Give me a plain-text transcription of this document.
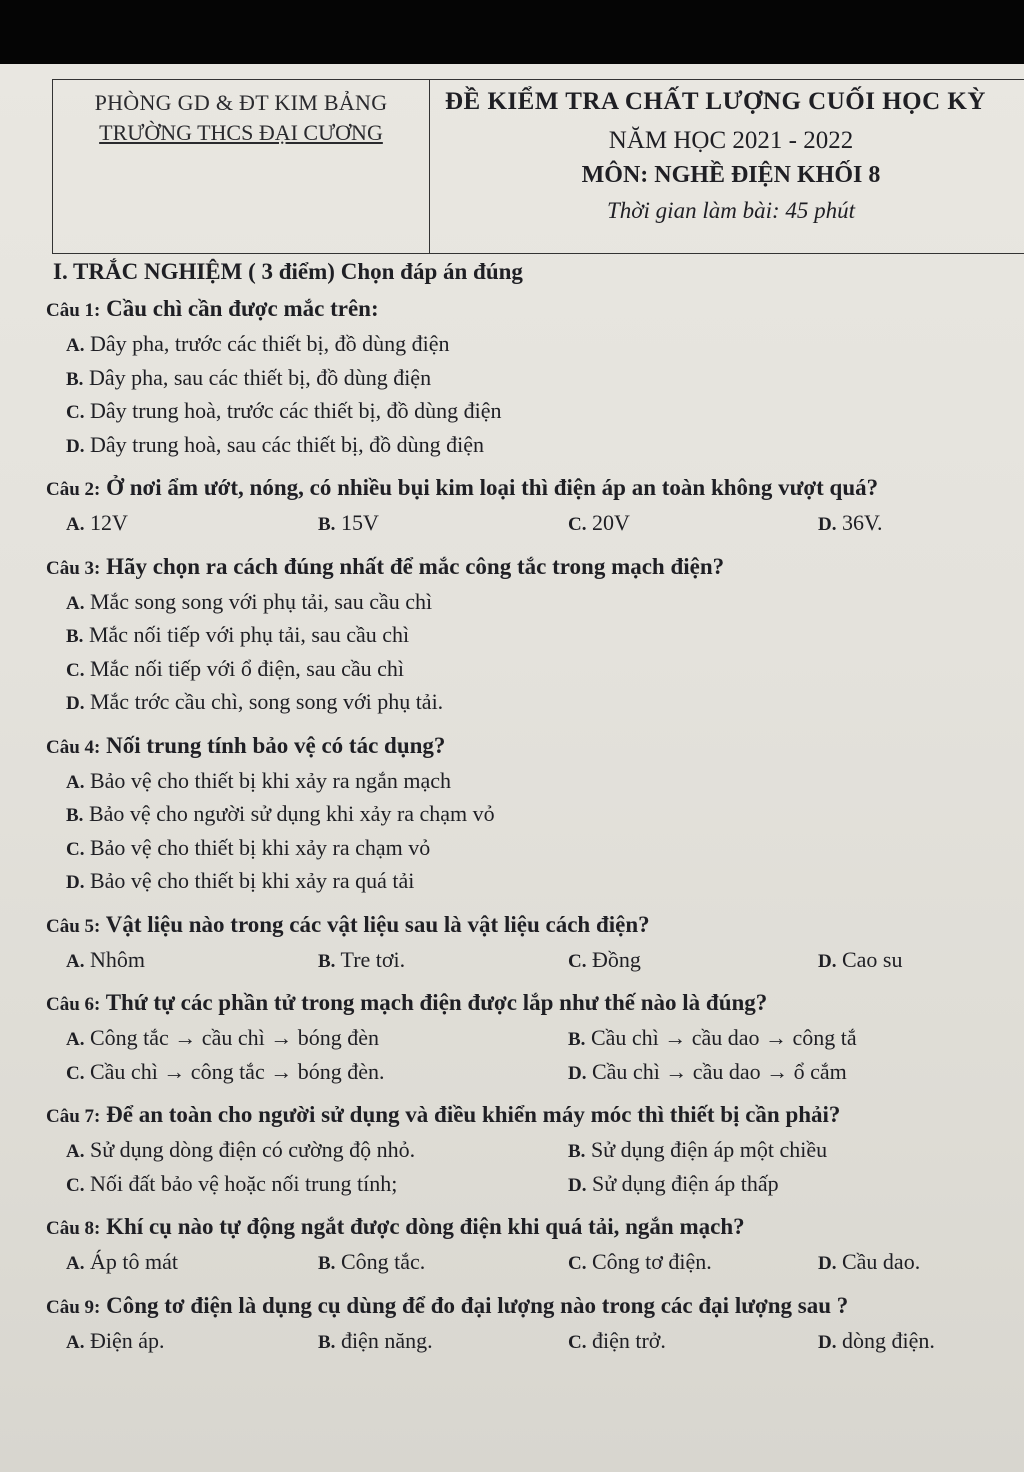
PHÒNG GD & ĐT KIM BẢNG
TRƯỜNG THCS ĐẠI CƯƠNG
ĐỀ KIỂM TRA CHẤT LƯỢNG CUỐI HỌC KỲ
NĂM HỌC 2021 - 2022
MÔN: NGHỀ ĐIỆN KHỐI 8
Thời gian làm bài: 45 phút
I. TRẮC NGHIỆM ( 3 điểm) Chọn đáp án đúng
Câu 1: Cầu chì cần được mắc trên:
A. Dây pha, trước các thiết bị, đồ dùng điện
B. Dây pha, sau các thiết bị, đồ dùng điện
C. Dây trung hoà, trước các thiết bị, đồ dùng điện
D. Dây trung hoà, sau các thiết bị, đồ dùng điện
Câu 2: Ở nơi ẩm ướt, nóng, có nhiều bụi kim loại thì điện áp an toàn không vượt quá?
A. 12V	B. 15V	C. 20V	D. 36V.
Câu 3: Hãy chọn ra cách đúng nhất để mắc công tắc trong mạch điện?
A. Mắc song song với phụ tải, sau cầu chì
B. Mắc nối tiếp với phụ tải, sau cầu chì
C. Mắc nối tiếp với ổ điện, sau cầu chì
D. Mắc trớc cầu chì, song song với phụ tải.
Câu 4: Nối trung tính bảo vệ có tác dụng?
A. Bảo vệ cho thiết bị khi xảy ra ngắn mạch
B. Bảo vệ cho người sử dụng khi xảy ra chạm vỏ
C. Bảo vệ cho thiết bị khi xảy ra chạm vỏ
D. Bảo vệ cho thiết bị khi xảy ra quá tải
Câu 5: Vật liệu nào trong các vật liệu sau là vật liệu cách điện?
A. Nhôm	B. Tre tơi.	C. Đồng	D. Cao su
Câu 6: Thứ tự các phần tử trong mạch điện được lắp như thế nào là đúng?
A. Công tắc → cầu chì → bóng đèn	B. Cầu chì → cầu dao → công tắ
C. Cầu chì → công tắc → bóng đèn.	D. Cầu chì → cầu dao → ổ cắm
Câu 7: Để an toàn cho người sử dụng và điều khiển máy móc thì thiết bị cần phải?
A. Sử dụng dòng điện có cường độ nhỏ.	B. Sử dụng điện áp một chiều
C. Nối đất bảo vệ hoặc nối trung tính;	D. Sử dụng điện áp thấp
Câu 8: Khí cụ nào tự động ngắt được dòng điện khi quá tải, ngắn mạch?
A. Áp tô mát	B. Công tắc.	C. Công tơ điện.	D. Cầu dao.
Câu 9: Công tơ điện là dụng cụ dùng để đo đại lượng nào trong các đại lượng sau ?
A. Điện áp.	B. điện năng.	C. điện trở.	D. dòng điện.
